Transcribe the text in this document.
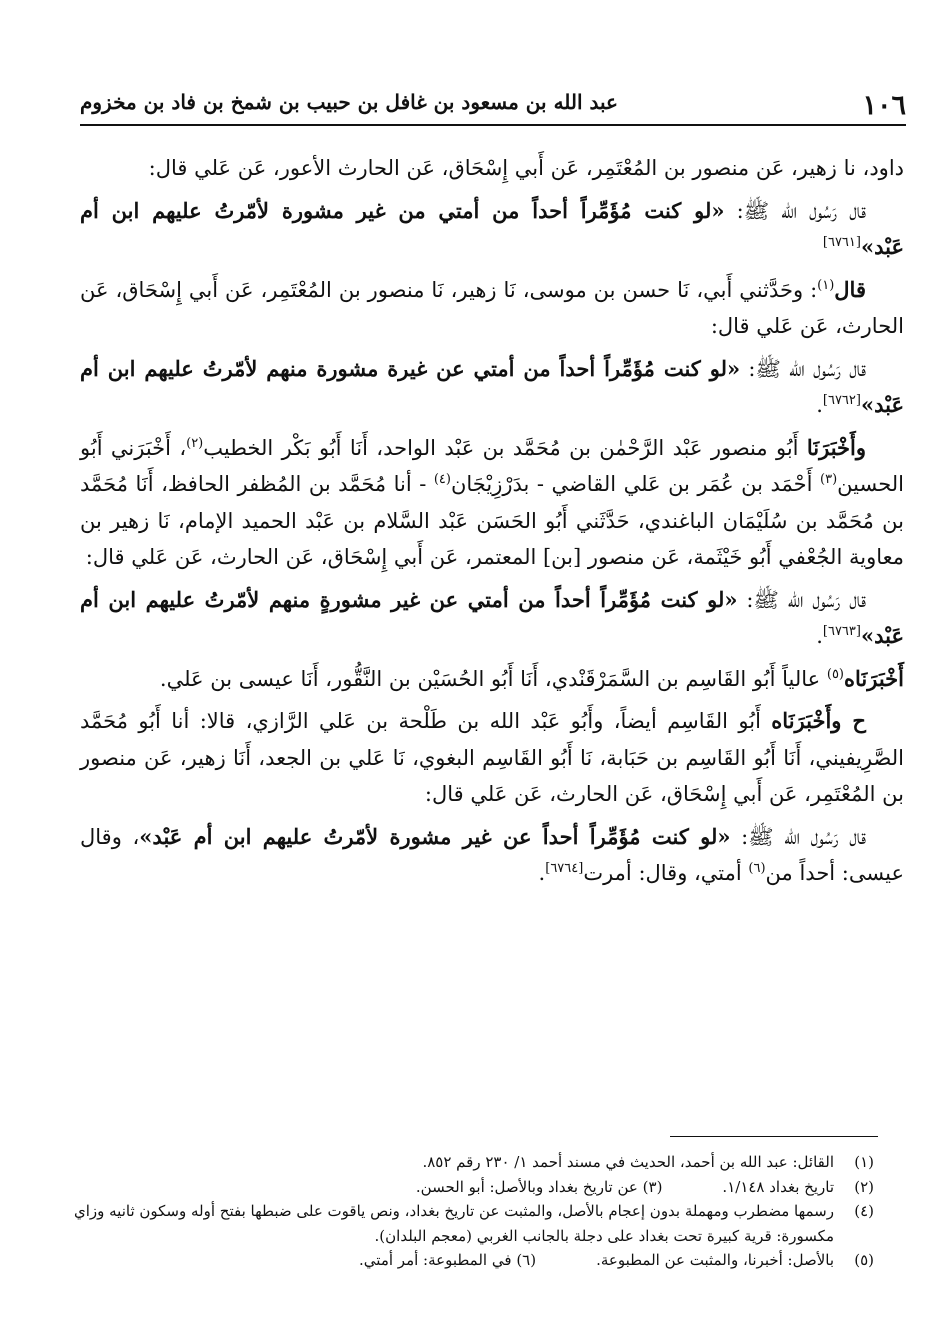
١٠٦
عبد الله بن مسعود بن غافل بن حبيب بن شمخ بن فاد بن مخزوم

داود، نا زهير، عَن منصور بن المُعْتَمِر، عَن أَبي إِسْحَاق، عَن الحارث الأعور، عَن عَلي قال:

قال رَسُول الله ﷺ: «لو كنت مُؤَمِّراً أحداً من أمتي من غير مشورة لأمّرتُ عليهم ابن أم عَبْد»[٦٧٦١]

قال$^{(١)}$: وحَدَّثني أَبي، نَا حسن بن موسى، نَا زهير، نَا منصور بن المُعْتَمِر، عَن أَبي إِسْحَاق، عَن الحارث، عَن عَلي قال:

قال رَسُول الله ﷺ: «لو كنت مُؤَمِّراً أحداً من أمتي عن غيرة مشورة منهم لأمّرتُ عليهم ابن أم عَبْد»[٦٧٦٢].

وأَخْبَرَنَا أَبُو منصور عَبْد الرَّحْمٰن بن مُحَمَّد بن عَبْد الواحد، أَنَا أَبُو بَكْر الخطيب$^{(٢)}$، أَخْبَرَني أَبُو الحسين$^{(٣)}$ أَحْمَد بن عُمَر بن عَلي القاضي - بدَرْزِيْجَان$^{(٤)}$ - أنا مُحَمَّد بن المُظفر الحافظ، أَنَا مُحَمَّد بن مُحَمَّد بن سُلَيْمَان الباغندي، حَدَّثَني أَبُو الحَسَن عَبْد السَّلام بن عَبْد الحميد الإمام، نَا زهير بن معاوية الجُعْفي أَبُو خَيْثَمة، عَن منصور [بن] المعتمر، عَن أَبي إِسْحَاق، عَن الحارث، عَن عَلي قال:

قال رَسُول الله ﷺ: «لو كنت مُؤَمِّراً أحداً من أمتي عن غير مشورةٍ منهم لأمّرتُ عليهم ابن أم عَبْد»[٦٧٦٣].

أَخْبَرَنَاه$^{(٥)}$ عالياً أَبُو القَاسِم بن السَّمَرْقَنْدي، أَنَا أَبُو الحُسَيْن بن النَّقُّور، أَنَا عيسى بن عَلي.

ح وأَخْبَرَنَاه أَبُو القَاسِم أيضاً، وأَبُو عَبْد الله بن طَلْحة بن عَلي الرَّازي، قالا: أنا أَبُو مُحَمَّد الصَّرِيفيني، أَنَا أَبُو القَاسِم بن حَبَابة، نَا أَبُو القَاسِم البغوي، نَا عَلي بن الجعد، أَنَا زهير، عَن منصور بن المُعْتَمِر، عَن أَبي إِسْحَاق، عَن الحارث، عَن عَلي قال:

قال رَسُول الله ﷺ: «لو كنت مُؤَمِّراً أحداً عن غير مشورة لأمّرتُ عليهم ابن أم عَبْد»، وقال عيسى: أحداً من$^{(٦)}$ أمتي، وقال: أمرت[٦٧٦٤].

(١)
القائل: عبد الله بن أحمد، الحديث في مسند أحمد ١/ ٢٣٠ رقم ٨٥٢.

(٢)
تاريخ بغداد ١/١٤٨.(٣) عن تاريخ بغداد وبالأصل: أبو الحسن.

(٤)
رسمها مضطرب ومهملة بدون إعجام بالأصل، والمثبت عن تاريخ بغداد، ونص ياقوت على ضبطها بفتح أوله وسكون ثانيه وزاي مكسورة: قرية كبيرة تحت بغداد على دجلة بالجانب الغربي (معجم البلدان).

(٥)
بالأصل: أخبرنا، والمثبت عن المطبوعة.(٦) في المطبوعة: أمر أمتي.
